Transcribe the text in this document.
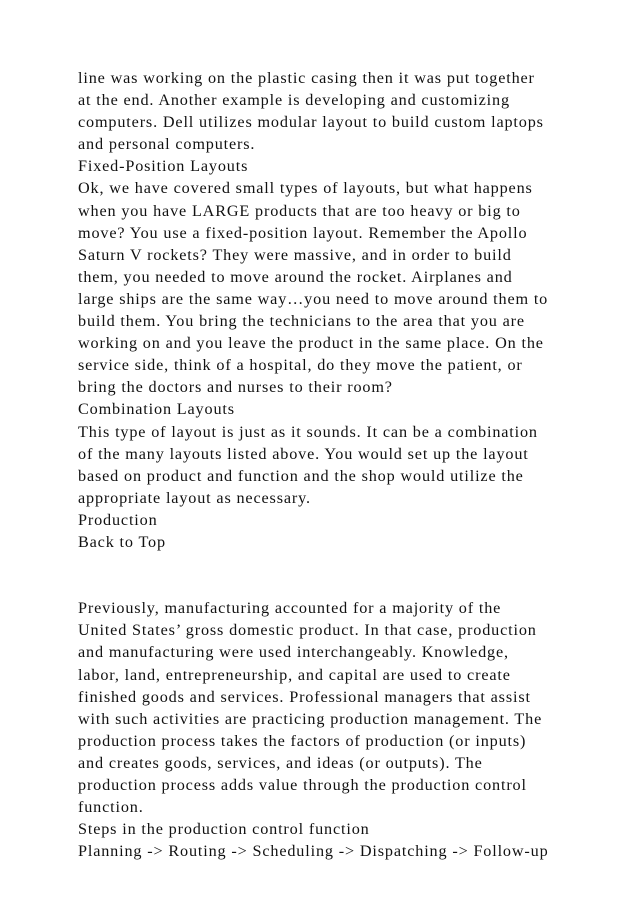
line was working on the plastic casing then it was put together
at the end. Another example is developing and customizing
computers. Dell utilizes modular layout to build custom laptops
and personal computers.
Fixed-Position Layouts
Ok, we have covered small types of layouts, but what happens
when you have LARGE products that are too heavy or big to
move? You use a fixed-position layout. Remember the Apollo
Saturn V rockets? They were massive, and in order to build
them, you needed to move around the rocket. Airplanes and
large ships are the same way…you need to move around them to
build them. You bring the technicians to the area that you are
working on and you leave the product in the same place. On the
service side, think of a hospital, do they move the patient, or
bring the doctors and nurses to their room?
Combination Layouts
This type of layout is just as it sounds. It can be a combination
of the many layouts listed above. You would set up the layout
based on product and function and the shop would utilize the
appropriate layout as necessary.
Production
Back to Top
Previously, manufacturing accounted for a majority of the
United States’ gross domestic product. In that case, production
and manufacturing were used interchangeably. Knowledge,
labor, land, entrepreneurship, and capital are used to create
finished goods and services. Professional managers that assist
with such activities are practicing production management. The
production process takes the factors of production (or inputs)
and creates goods, services, and ideas (or outputs). The
production process adds value through the production control
function.
Steps in the production control function
Planning -> Routing -> Scheduling -> Dispatching -> Follow-up
